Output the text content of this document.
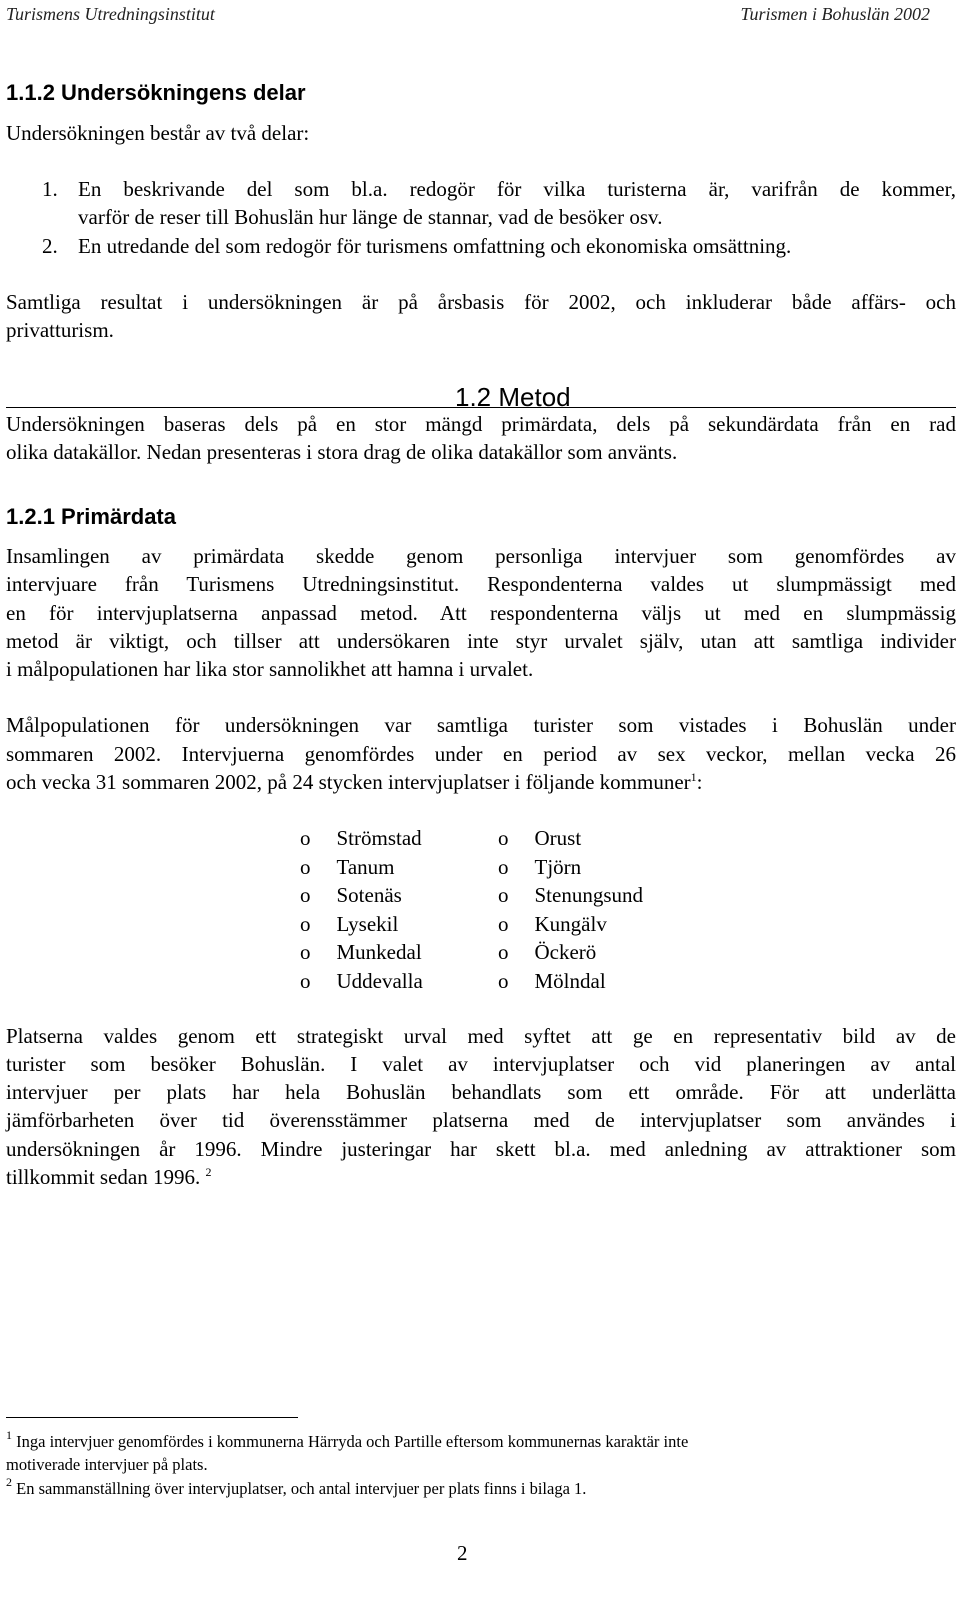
Turismens Utredningsinstitut	Turismen i Bohuslän 2002
1.1.2 Undersökningens delar
Undersökningen består av två delar:
1. En beskrivande del som bl.a. redogör för vilka turisterna är, varifrån de kommer,
varför de reser till Bohuslän hur länge de stannar, vad de besöker osv.
2. En utredande del som redogör för turismens omfattning och ekonomiska omsättning.
Samtliga resultat i undersökningen är på årsbasis för 2002, och inkluderar både affärs- och
privatturism.
1.2 Metod
Undersökningen baseras dels på en stor mängd primärdata, dels på sekundärdata från en rad
olika datakällor. Nedan presenteras i stora drag de olika datakällor som använts.
1.2.1 Primärdata
Insamlingen av primärdata skedde genom personliga intervjuer som genomfördes av
intervjuare från Turismens Utredningsinstitut. Respondenterna valdes ut slumpmässigt med
en för intervjuplatserna anpassad metod. Att respondenterna väljs ut med en slumpmässig
metod är viktigt, och tillser att undersökaren inte styr urvalet själv, utan att samtliga individer
i målpopulationen har lika stor sannolikhet att hamna i urvalet.
Målpopulationen för undersökningen var samtliga turister som vistades i Bohuslän under
sommaren 2002. Intervjuerna genomfördes under en period av sex veckor, mellan vecka 26
och vecka 31 sommaren 2002, på 24 stycken intervjuplatser i följande kommuner$^1$:
o Strömstad
o Tanum
o Sotenäs
o Lysekil
o Munkedal
o Uddevalla
o Orust
o Tjörn
o Stenungsund
o Kungälv
o Öckerö
o Mölndal
Platserna valdes genom ett strategiskt urval med syftet att ge en representativ bild av de
turister som besöker Bohuslän. I valet av intervjuplatser och vid planeringen av antal
intervjuer per plats har hela Bohuslän behandlats som ett område. För att underlätta
jämförbarheten över tid överensstämmer platserna med de intervjuplatser som användes i
undersökningen år 1996. Mindre justeringar har skett bl.a. med anledning av attraktioner som
tillkommit sedan 1996. $^2$
$^1$ Inga intervjuer genomfördes i kommunerna Härryda och Partille eftersom kommunernas karaktär inte
motiverade intervjuer på plats.
$^2$ En sammanställning över intervjuplatser, och antal intervjuer per plats finns i bilaga 1.
2
